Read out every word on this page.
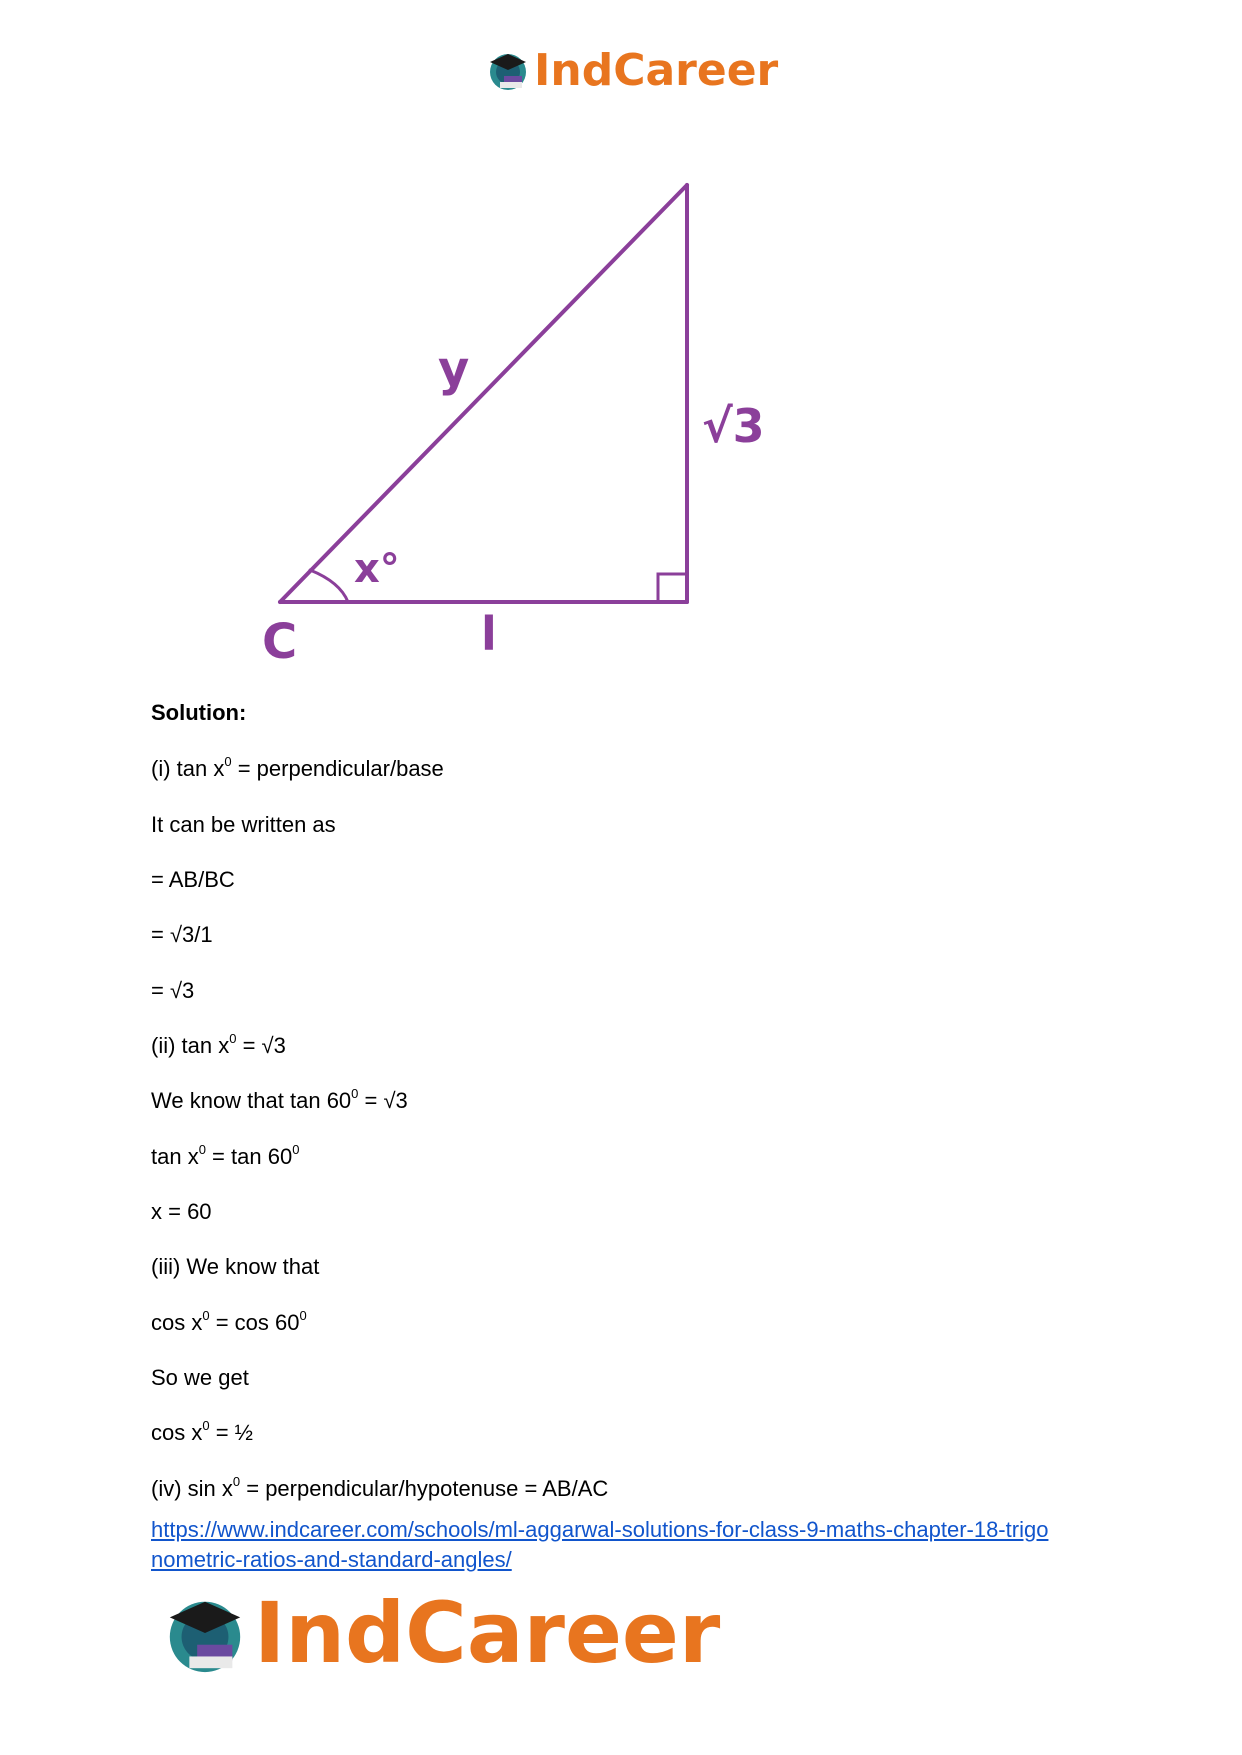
IndCareer
C
y
√3
l
x°
Solution:
(i) $\tan x^0$ = perpendicular/base
It can be written as
= AB/BC
= √3/1
= √3
(ii) $\tan x^0 = √3$
We know that $\tan 60^0 = √3$
$\tan x^0 = \tan 60^0$
x = 60
(iii) We know that
$\cos x^0 = \cos 60^0$
So we get
$\cos x^0$ = ½
(iv) $\sin x^0$ = perpendicular/hypotenuse = AB/AC
https://www.indcareer.com/schools/ml-aggarwal-solutions-for-class-9-maths-chapter-18-trigo
nometric-ratios-and-standard-angles/
IndCareer
